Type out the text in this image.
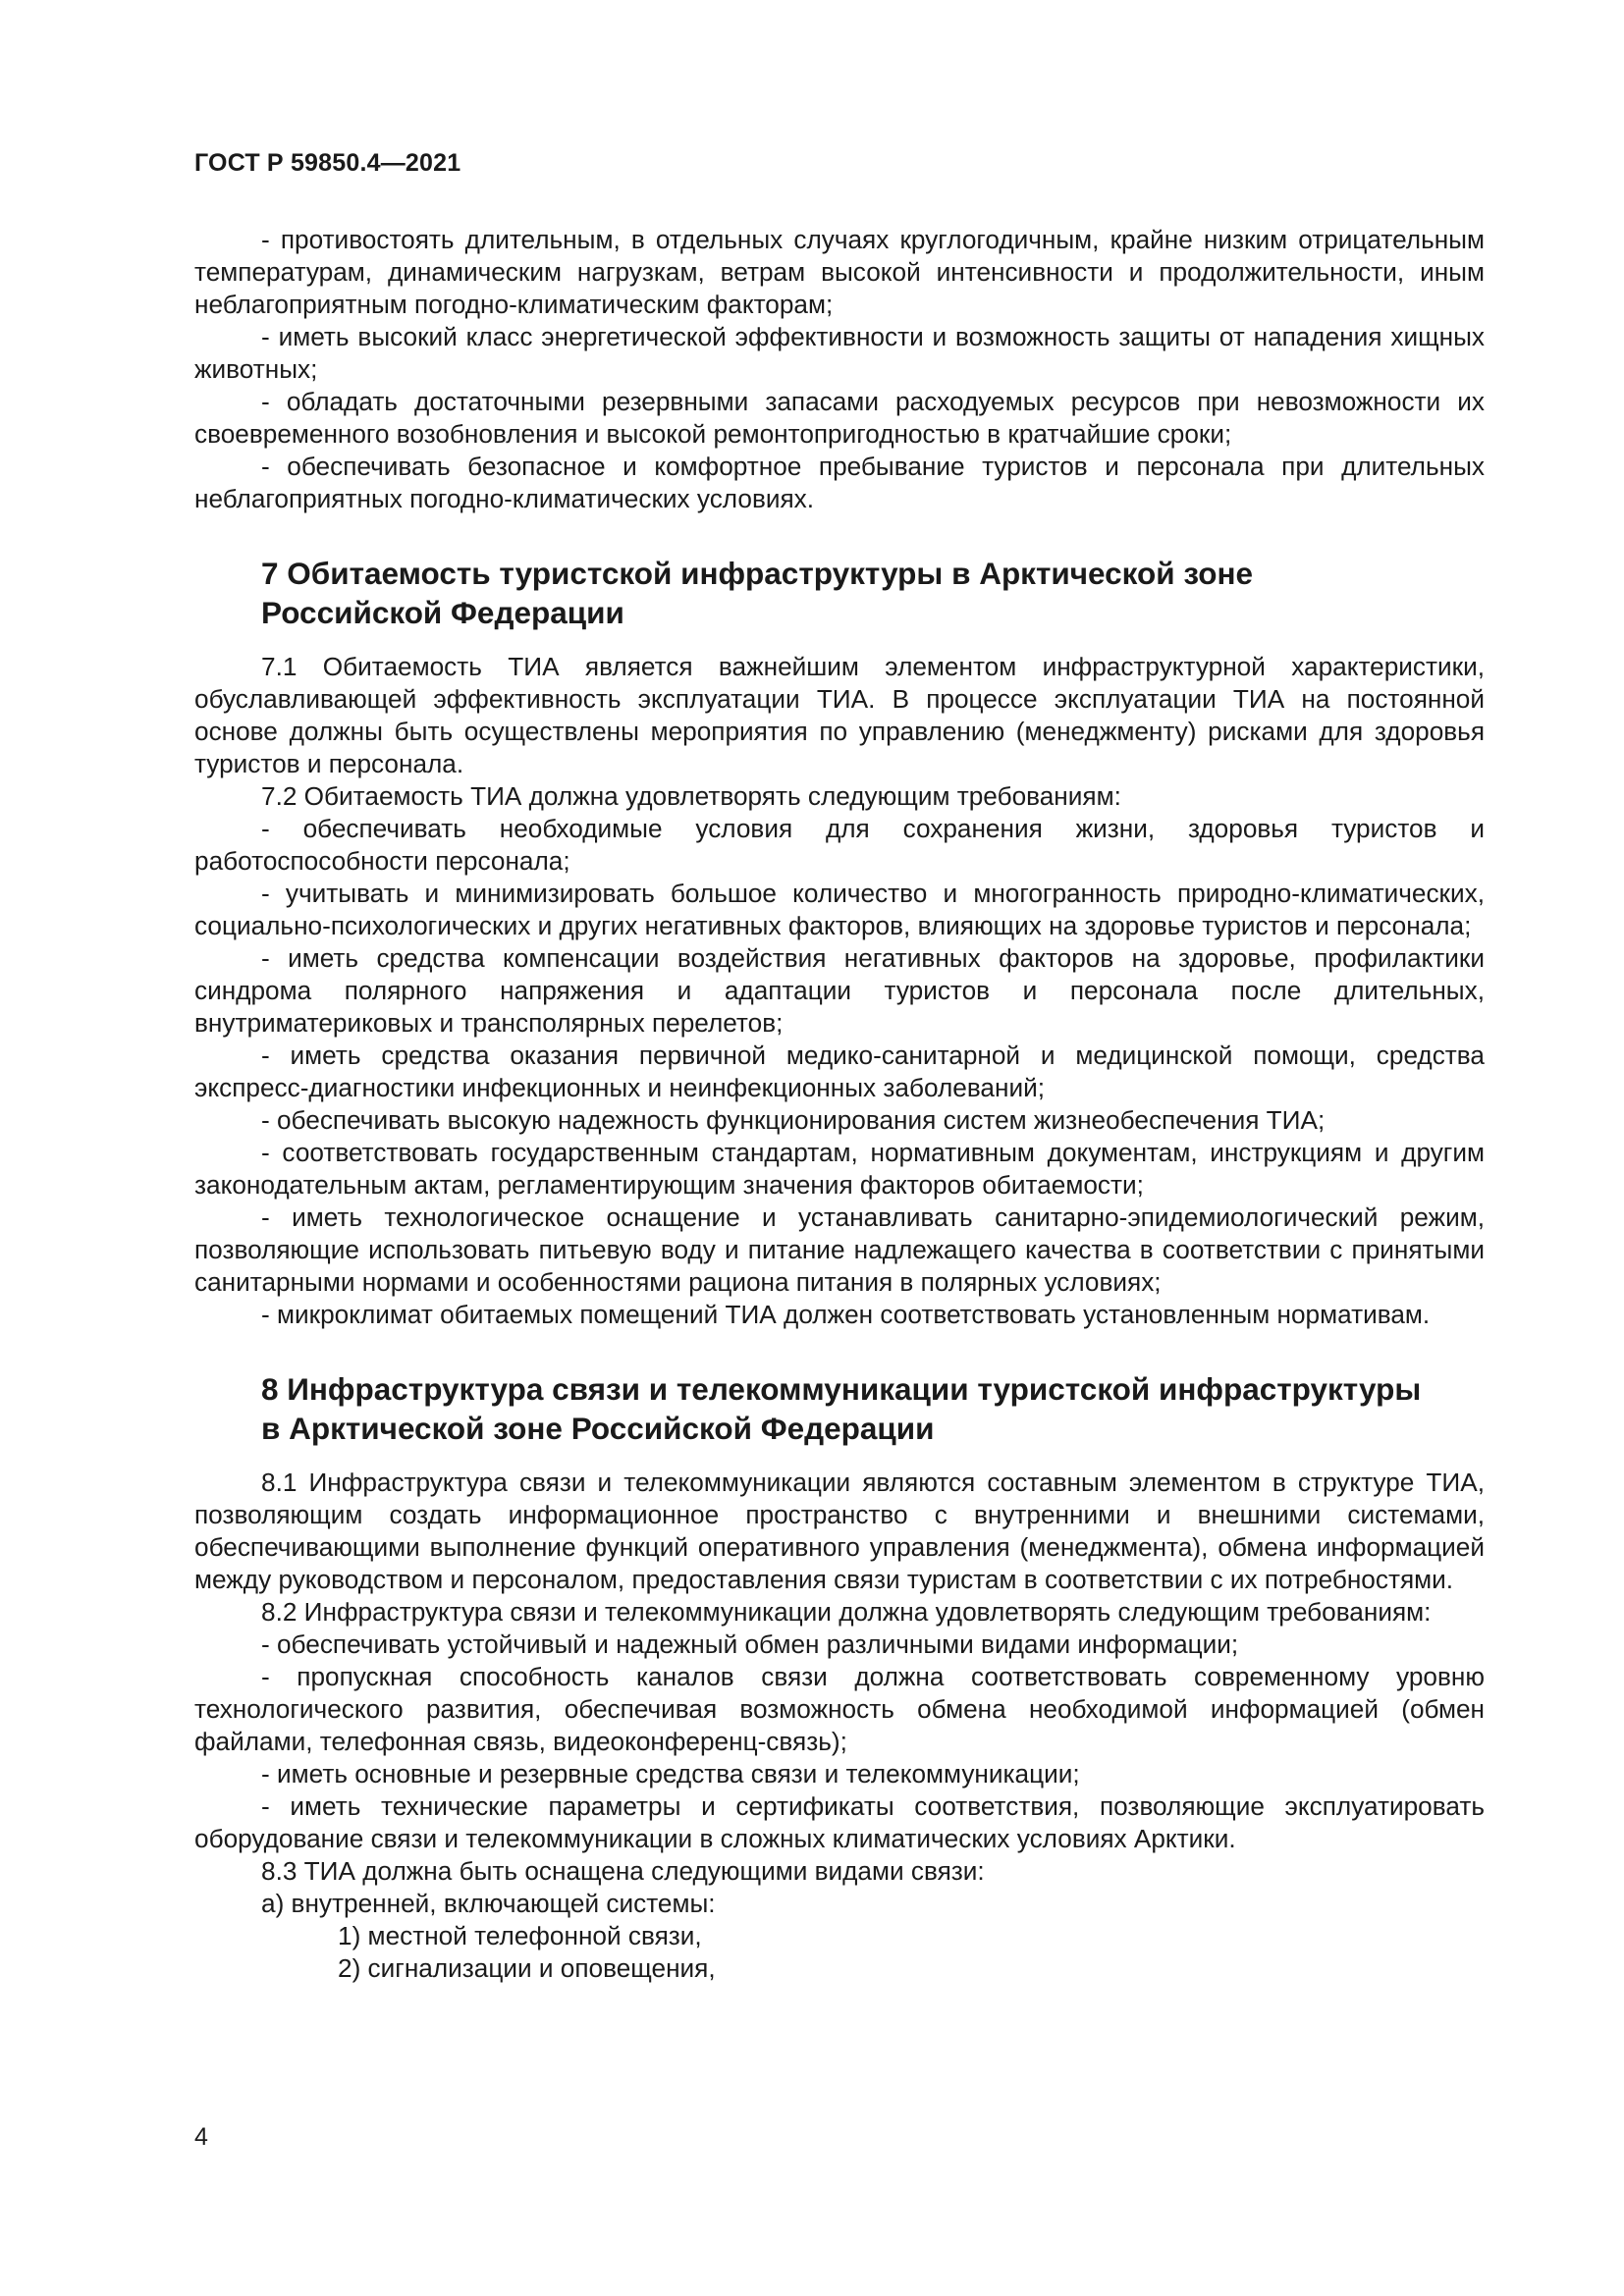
ГОСТ Р 59850.4—2021

- противостоять длительным, в отдельных случаях круглогодичным, крайне низким отрицательным температурам, динамическим нагрузкам, ветрам высокой интенсивности и продолжительности, иным неблагоприятным погодно-климатическим факторам;

- иметь высокий класс энергетической эффективности и возможность защиты от нападения хищных животных;

- обладать достаточными резервными запасами расходуемых ресурсов при невозможности их своевременного возобновления и высокой ремонтопригодностью в кратчайшие сроки;

- обеспечивать безопасное и комфортное пребывание туристов и персонала при длительных неблагоприятных погодно-климатических условиях.

7 Обитаемость туристской инфраструктуры в Арктической зоне
Российской Федерации

7.1 Обитаемость ТИА является важнейшим элементом инфраструктурной характеристики, обуславливающей эффективность эксплуатации ТИА. В процессе эксплуатации ТИА на постоянной основе должны быть осуществлены мероприятия по управлению (менеджменту) рисками для здоровья туристов и персонала.

7.2 Обитаемость ТИА должна удовлетворять следующим требованиям:

- обеспечивать необходимые условия для сохранения жизни, здоровья туристов и работоспособности персонала;

- учитывать и минимизировать большое количество и многогранность природно-климатических, социально-психологических и других негативных факторов, влияющих на здоровье туристов и персонала;

- иметь средства компенсации воздействия негативных факторов на здоровье, профилактики синдрома полярного напряжения и адаптации туристов и персонала после длительных, внутриматериковых и трансполярных перелетов;

- иметь средства оказания первичной медико-санитарной и медицинской помощи, средства экспресс-диагностики инфекционных и неинфекционных заболеваний;

- обеспечивать высокую надежность функционирования систем жизнеобеспечения ТИА;

- соответствовать государственным стандартам, нормативным документам, инструкциям и другим законодательным актам, регламентирующим значения факторов обитаемости;

- иметь технологическое оснащение и устанавливать санитарно-эпидемиологический режим, позволяющие использовать питьевую воду и питание надлежащего качества в соответствии с принятыми санитарными нормами и особенностями рациона питания в полярных условиях;

- микроклимат обитаемых помещений ТИА должен соответствовать установленным нормативам.

8 Инфраструктура связи и телекоммуникации туристской инфраструктуры
в Арктической зоне Российской Федерации

8.1 Инфраструктура связи и телекоммуникации являются составным элементом в структуре ТИА, позволяющим создать информационное пространство с внутренними и внешними системами, обеспечивающими выполнение функций оперативного управления (менеджмента), обмена информацией между руководством и персоналом, предоставления связи туристам в соответствии с их потребностями.

8.2 Инфраструктура связи и телекоммуникации должна удовлетворять следующим требованиям:

- обеспечивать устойчивый и надежный обмен различными видами информации;

- пропускная способность каналов связи должна соответствовать современному уровню технологического развития, обеспечивая возможность обмена необходимой информацией (обмен файлами, телефонная связь, видеоконференц-связь);

- иметь основные и резервные средства связи и телекоммуникации;

- иметь технические параметры и сертификаты соответствия, позволяющие эксплуатировать оборудование связи и телекоммуникации в сложных климатических условиях Арктики.

8.3 ТИА должна быть оснащена следующими видами связи:

а) внутренней, включающей системы:

1) местной телефонной связи,

2) сигнализации и оповещения,

4
